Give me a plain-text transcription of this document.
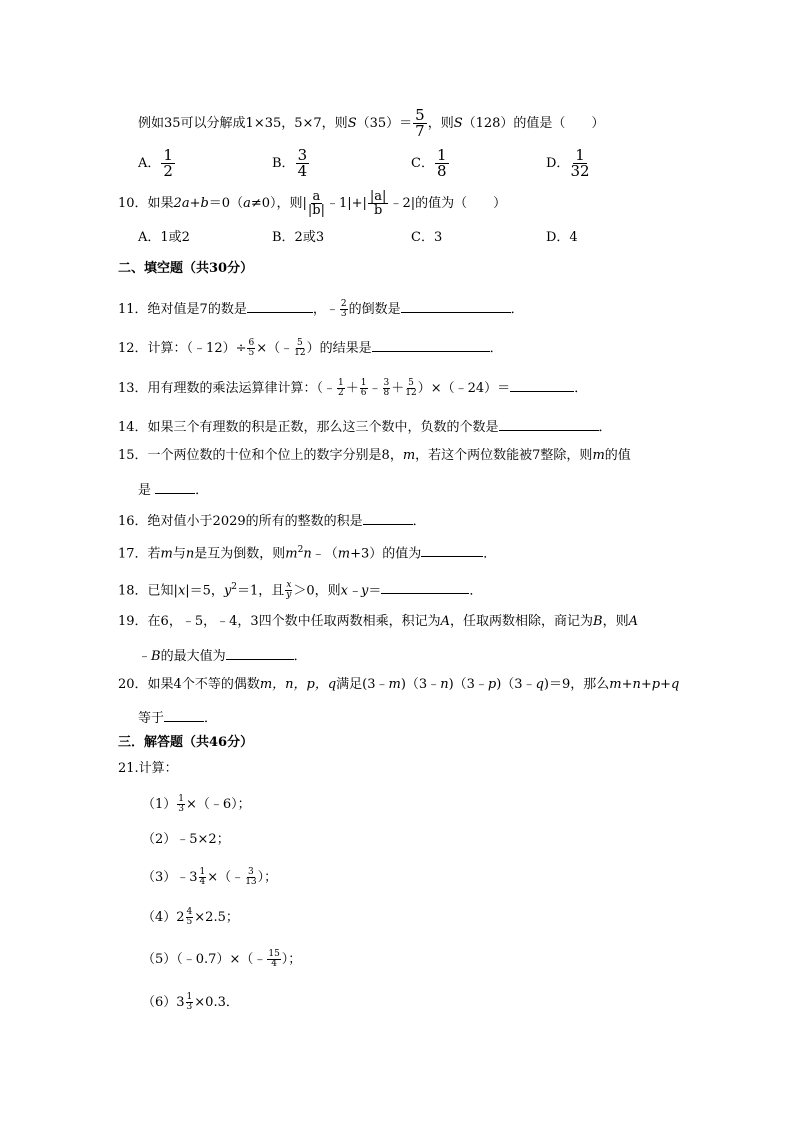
例如35可以分解成1×35，5×7，则$S(35)= \frac{5}{7}$ ，则S（128）的值是（　　）
A． $\frac{1}{2}$	B． $\frac{3}{4}$	C． $\frac{1}{8}$	D． $\frac{1}{32}$
10．如果2a+b＝0（a≠0），则| $\frac{a}{|b|}$ ﹣1|+| $\frac{|a|}{b}$ ﹣2|的值为（　　）
A．1或2	B．2或3	C．3	D．4
二、填空题（共30分）
11．绝对值是7的数是	，﹣ $\frac{2}{3}$ 的倒数是	．
12．计算：（﹣12）÷ $\frac{6}{5}$ ×（﹣ $\frac{5}{12}$ ）的结果是	．
13．用有理数的乘法运算律计算：（﹣ $\frac{1}{2} + \frac{1}{6}$ ﹣ $\frac{3}{8} + \frac{5}{12}$ ）×（﹣24）＝	．
14．如果三个有理数的积是正数，那么这三个数中，负数的个数是	．
15．一个两位数的十位和个位上的数字分别是8，m，若这个两位数能被7整除，则m的值
是	．
16．绝对值小于2029的所有的整数的积是	．
17．若m与n是互为倒数，则$m^2n﹣(m+3)$的值为	．
18．已知|x|＝5，$y^2=1$，且 $\frac{x}{y} >0$，则x﹣y＝	．
19．在6，﹣5，﹣4，3四个数中任取两数相乘，积记为A，任取两数相除，商记为B，则A
﹣B的最大值为	．
20．如果4个不等的偶数m，n，p，q满足(3﹣m)（3﹣n)（3﹣p)（3﹣q)＝9，那么m+n+p+q
等于	．
三．解答题（共46分）
21.计算：
$(1) \frac{1}{3}$ ×（﹣6）；
（2）﹣5×2；
（3）﹣3 $\frac{1}{4}$ ×（﹣ $\frac{3}{13}$ ）；
$(4)2 \frac{4}{5} \times 2.5$；
（5）（﹣0.7）×（﹣ $\frac{15}{4}$ ）；
$(6)3 \frac{1}{3} \times 0.3$．
